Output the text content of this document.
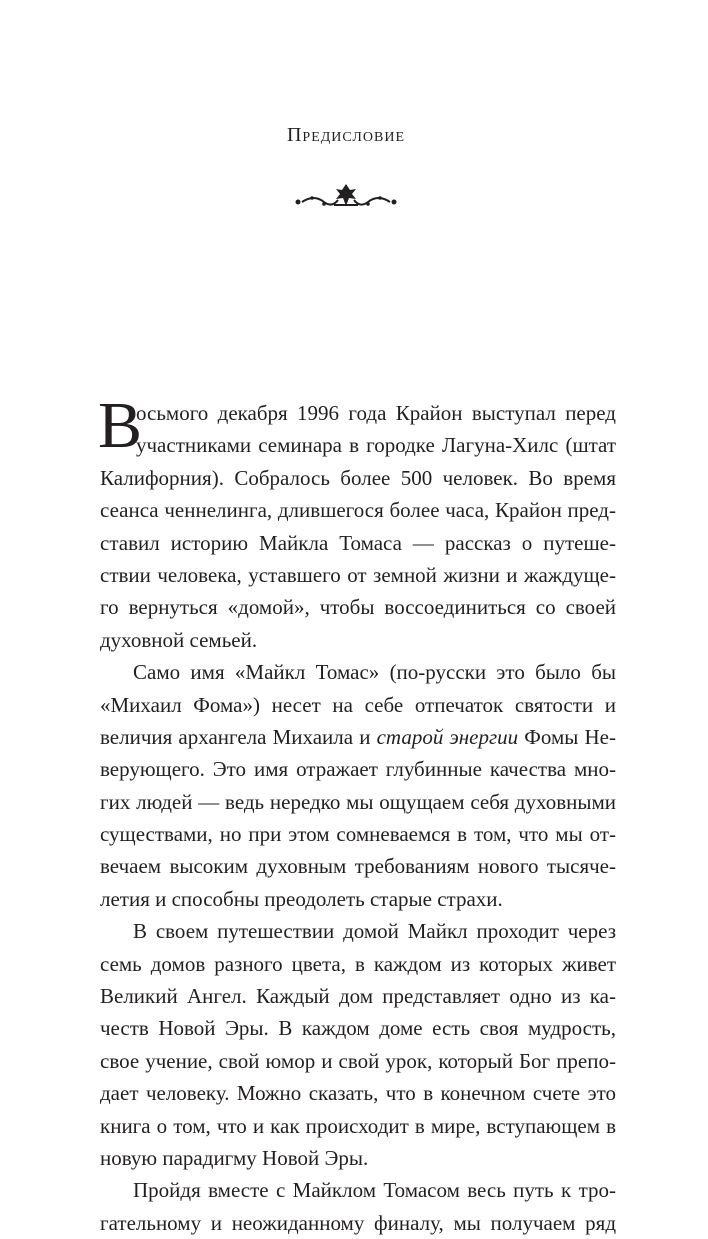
Предисловие
В
осьмого декабря 1996 года Крайон выступал перед
участниками семинара в городке Лагуна-Хилс (штат
Калифорния). Собралось более 500 человек. Во время
сеанса ченнелинга, длившегося более часа, Крайон пред-
ставил историю Майкла Томаса — рассказ о путеше-
ствии человека, уставшего от земной жизни и жаждуще-
го вернуться «домой», чтобы воссоединиться со своей
духовной семьей.
Само имя «Майкл Томас» (по-русски это было бы
«Михаил Фома») несет на себе отпечаток святости и
величия архангела Михаила и старой энергии Фомы Не-
верующего. Это имя отражает глубинные качества мно-
гих людей — ведь нередко мы ощущаем себя духовными
существами, но при этом сомневаемся в том, что мы от-
вечаем высоким духовным требованиям нового тысяче-
летия и способны преодолеть старые страхи.
В своем путешествии домой Майкл проходит через
семь домов разного цвета, в каждом из которых живет
Великий Ангел. Каждый дом представляет одно из ка-
честв Новой Эры. В каждом доме есть своя мудрость,
свое учение, свой юмор и свой урок, который Бог препо-
дает человеку. Можно сказать, что в конечном счете это
книга о том, что и как происходит в мире, вступающем в
новую парадигму Новой Эры.
Пройдя вместе с Майклом Томасом весь путь к тро-
гательному и неожиданному финалу, мы получаем ряд
